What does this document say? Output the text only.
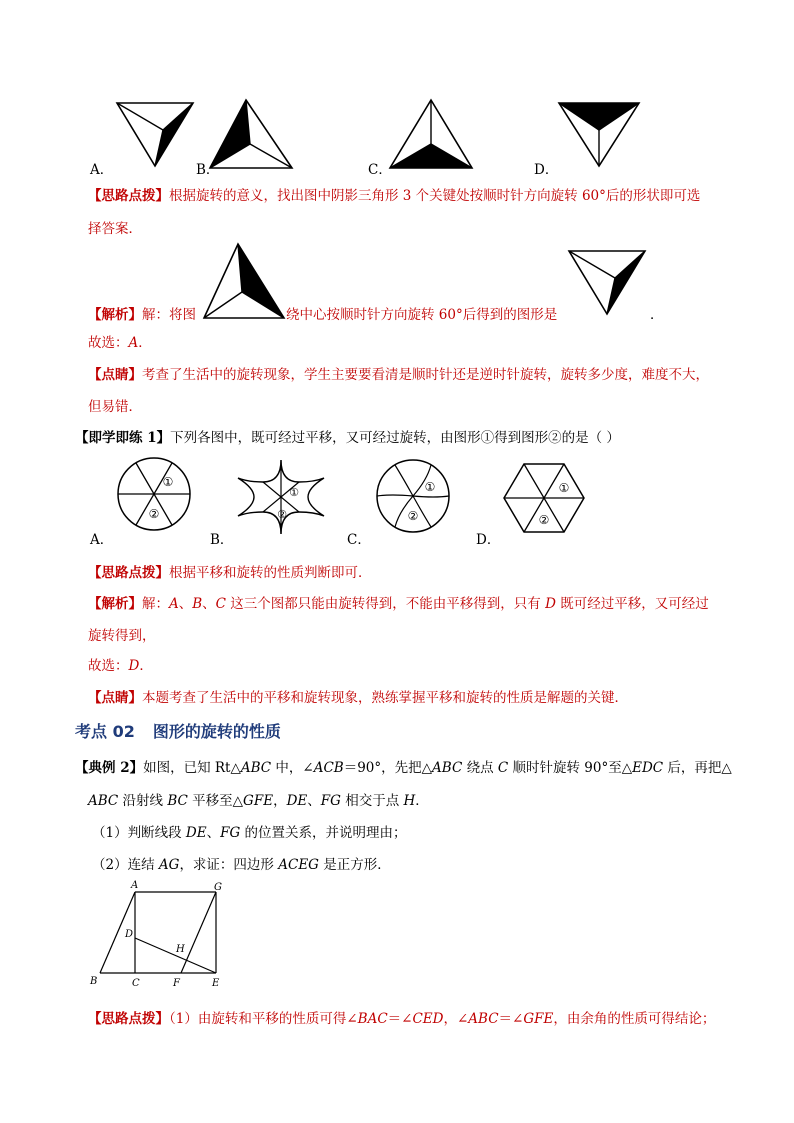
A．	B．	C．	D．
【思路点拨】根据旋转的意义，找出图中阴影三角形 3 个关键处按顺时针方向旋转 60°后的形状即可选
择答案．
【解析】解：将图	绕中心按顺时针方向旋转 60°后得到的图形是	．
故选：A．
【点睛】考查了生活中的旋转现象，学生主要要看清是顺时针还是逆时针旋转，旋转多少度，难度不大，
但易错．
【即学即练 1】下列各图中，既可经过平移，又可经过旋转，由图形①得到图形②的是（ ）
①
②
A．
①
②
B．
①
②
C．
①
②
D．
【思路点拨】根据平移和旋转的性质判断即可．
【解析】解：A、B、C 这三个图都只能由旋转得到，不能由平移得到，只有 D 既可经过平移，又可经过
旋转得到，
故选：D．
【点睛】本题考查了生活中的平移和旋转现象，熟练掌握平移和旋转的性质是解题的关键．
考点 02 图形的旋转的性质
【典例 2】如图，已知 Rt△ABC 中，∠ACB＝90°，先把△ABC 绕点 C 顺时针旋转 90°至△EDC 后，再把△
ABC 沿射线 BC 平移至△GFE，DE、FG 相交于点 H．
（1）判断线段 DE、FG 的位置关系，并说明理由；
（2）连结 AG，求证：四边形 ACEG 是正方形．
A	G
D
H
B	C	F	E
【思路点拨】（1）由旋转和平移的性质可得∠BAC＝∠CED，∠ABC＝∠GFE，由余角的性质可得结论；
